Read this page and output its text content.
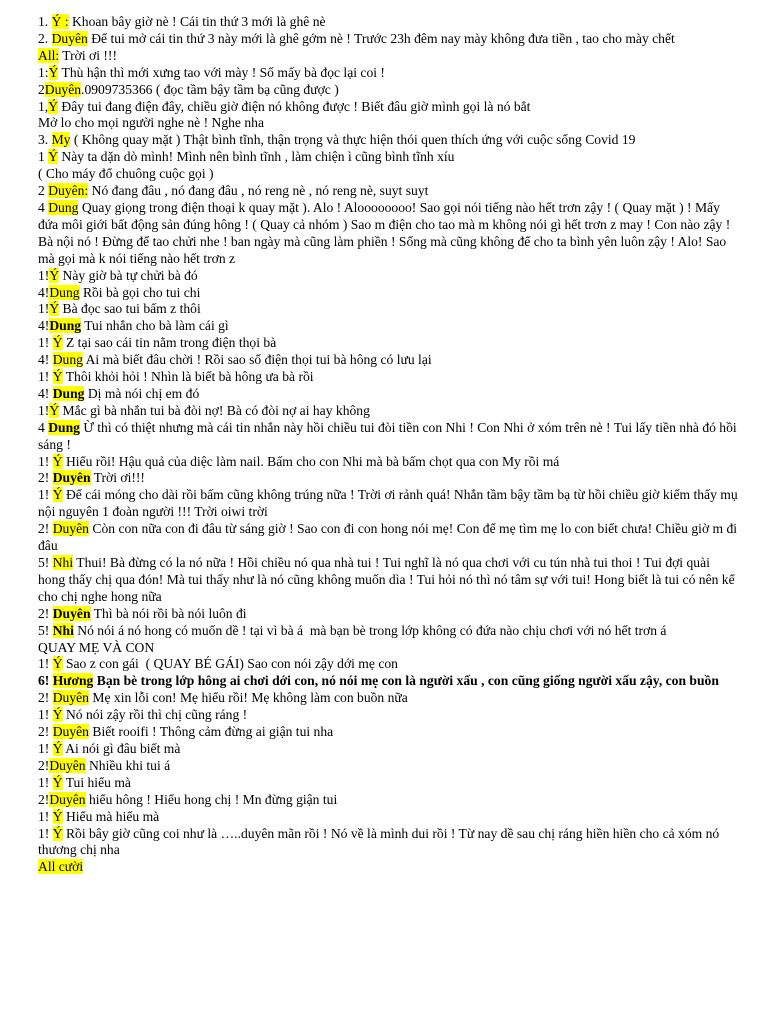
1. Ý : Khoan bây giờ nè ! Cái tin thứ 3 mới là ghê nè
2. Duyên Để tui mở cái tin thứ 3 này mới là ghê gớm nè ! Trước 23h đêm nay mày không đưa tiền , tao cho mày chết
All: Trời ơi !!!
1:Ý Thù hận thì mới xưng tao với mày ! Số mấy bà đọc lại coi !
2Duyên.0909735366 ( đọc tầm bậy tầm bạ cũng được )
1,Ý Đây tui đang điện đây, chiều giờ điện nó không được ! Biết đâu giờ mình gọi là nó bắt
Mở lo cho mọi người nghe nè ! Nghe nha
3. My ( Không quay mặt ) Thật bình tĩnh, thận trọng và thực hiện thói quen thích ứng với cuộc sống Covid 19
1 Ý Này ta dặn dò mình! Mình nên bình tĩnh , làm chiện ì cũng bình tĩnh xíu
( Cho máy đổ chuông cuộc gọi )
2 Duyên: Nó đang đâu , nó đang đâu , nó reng nè , nó reng nè, suyt suyt
4 Dung Quay giọng trong điện thoại k quay mặt ). Alo ! Aloooooooo! Sao gọi nói tiếng nào hết trơn zậy ! ( Quay mặt ) ! Mấy đứa môi giới bất động sản đúng hông ! ( Quay cả nhóm ) Sao m điện cho tao mà m không nói gì hết trơn z may ! Con nào zậy ! Bà nội nó ! Đừng để tao chửi nhe ! ban ngày mà cũng làm phiền ! Sống mà cũng không để cho ta bình yên luôn zậy ! Alo! Sao mà gọi mà k nói tiếng nào hết trơn z
1!Ý Này giờ bà tự chửi bà đó
4!Dung Rồi bà gọi cho tui chi
1!Ý Bà đọc sao tui bấm z thôi
4!Dung Tui nhắn cho bà làm cái gì
1! Ý Z tại sao cái tin nằm trong điện thọi bà
4! Dung Ai mà biết đâu chời ! Rồi sao số điện thọi tui bà hông có lưu lại
1! Ý Thôi khỏi hỏi ! Nhìn là biết bà hông ưa bà rồi
4! Dung Dị mà nói chị em đó
1!Ý Mắc gì bà nhắn tui bà đòi nợ! Bà có đòi nợ ai hay không
4 Dung Ừ thì có thiệt nhưng mà cái tin nhắn này hồi chiều tui đòi tiền con Nhi ! Con Nhi ở xóm trên nè ! Tui lấy tiền nhà đó hồi sáng !
1! Ý Hiểu rồi! Hậu quả của diệc làm nail. Bấm cho con Nhi mà bà bấm chọt qua con My rồi má
2! Duyên Trời ơi!!!
1! Ý Để cái móng cho dài rồi bấm cũng không trúng nữa ! Trời ơi rảnh quá! Nhắn tầm bậy tầm bạ từ hồi chiều giờ kiếm thấy mụ nội nguyên 1 đoàn người !!! Trời oiwi trời
2! Duyên Còn con nữa con đi đâu từ sáng giờ ! Sao con đi con hong nói mẹ! Con để mẹ tìm mẹ lo con biết chưa! Chiều giờ m đi đâu
5! Nhi Thui! Bà đừng có la nó nữa ! Hồi chiều nó qua nhà tui ! Tui nghĩ là nó qua chơi với cu tún nhà tui thoi ! Tui đợi quài hong thấy chị qua đón! Mà tui thấy như là nó cũng không muốn dìa ! Tui hỏi nó thì nó tâm sự với tui! Hong biết là tui có nên kể cho chị nghe hong nữa
2! Duyên Thì bà nói rồi bà nói luôn đi
5! Nhi Nó nói á nó hong có muốn dề ! tại vì bà á  mà bạn bè trong lớp không có đứa nào chịu chơi với nó hết trơn á
QUAY MẸ VÀ CON
1! Ý Sao z con gái  ( QUAY BÉ GÁI) Sao con nói zậy dới mẹ con
6! Hương Bạn bè trong lớp hông ai chơi dới con, nó nói mẹ con là người xấu , con cũng giống người xấu zậy, con buồn
2! Duyên Mẹ xin lỗi con! Mẹ hiểu rồi! Mẹ không làm con buồn nữa
1! Ý Nó nói zậy rồi thì chị cũng ráng !
2! Duyên Biết rooifi ! Thông cảm đừng ai giận tui nha
1! Ý Ai nói gì đâu biết mà
2!Duyên Nhiều khi tui á
1! Ý Tui hiểu mà
2!Duyên hiểu hông ! Hiểu hong chị ! Mn đừng giận tui
1! Ý Hiểu mà hiểu mà
1! Ý Rồi bây giờ cũng coi như là …..duyên mãn rồi ! Nó về là mình dui rồi ! Từ nay dề sau chị ráng hiền hiền cho cả xóm nó thương chị nha
All cười
